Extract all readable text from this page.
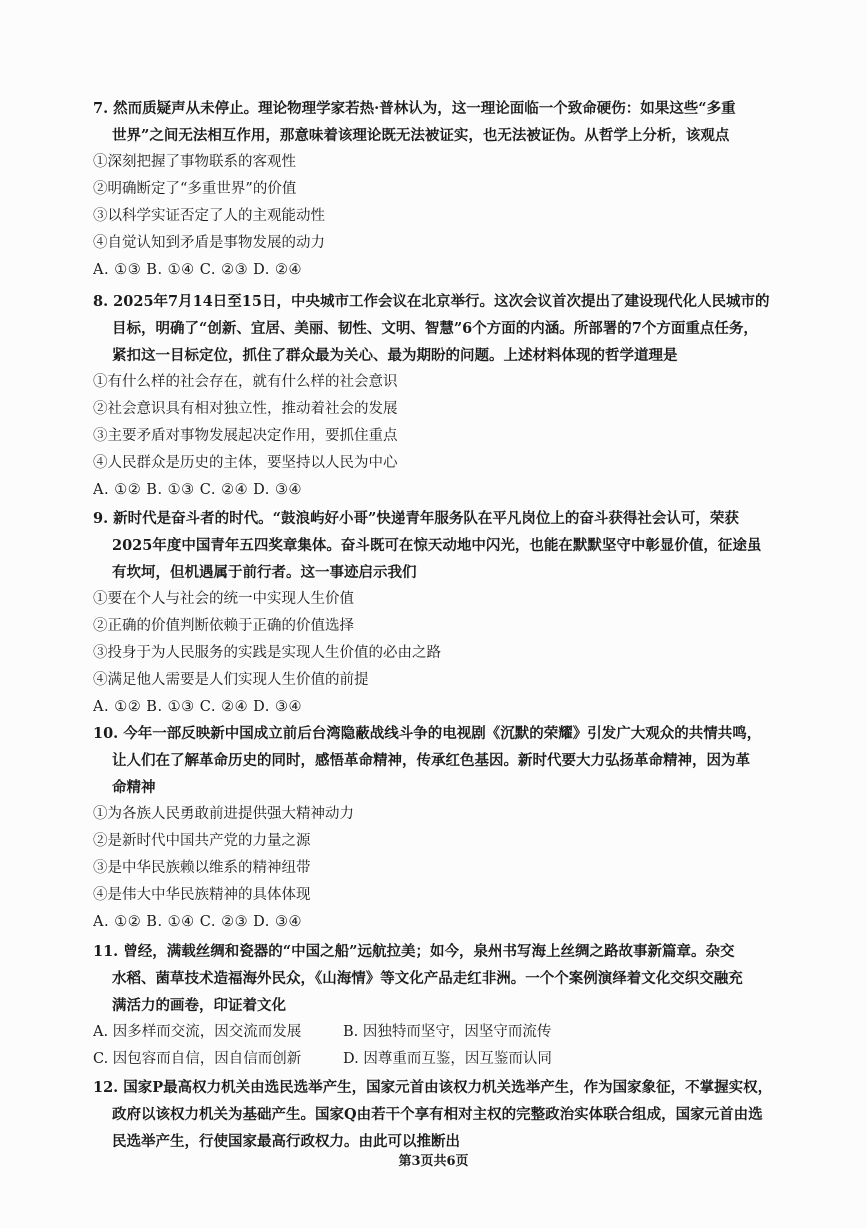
7. 然而质疑声从未停止。理论物理学家若热·普林认为，这一理论面临一个致命硬伤：如果这些“多重
世界”之间无法相互作用，那意味着该理论既无法被证实，也无法被证伪。从哲学上分析，该观点
①深刻把握了事物联系的客观性
②明确断定了“多重世界”的价值
③以科学实证否定了人的主观能动性
④自觉认知到矛盾是事物发展的动力
A. ①③ B. ①④ C. ②③ D. ②④
8. 2025年7月14日至15日，中央城市工作会议在北京举行。这次会议首次提出了建设现代化人民城市的
目标，明确了“创新、宜居、美丽、韧性、文明、智慧”6个方面的内涵。所部署的7个方面重点任务，
紧扣这一目标定位，抓住了群众最为关心、最为期盼的问题。上述材料体现的哲学道理是
①有什么样的社会存在，就有什么样的社会意识
②社会意识具有相对独立性，推动着社会的发展
③主要矛盾对事物发展起决定作用，要抓住重点
④人民群众是历史的主体，要坚持以人民为中心
A. ①② B. ①③ C. ②④ D. ③④
9. 新时代是奋斗者的时代。“鼓浪屿好小哥”快递青年服务队在平凡岗位上的奋斗获得社会认可，荣获
2025年度中国青年五四奖章集体。奋斗既可在惊天动地中闪光，也能在默默坚守中彰显价值，征途虽
有坎坷，但机遇属于前行者。这一事迹启示我们
①要在个人与社会的统一中实现人生价值
②正确的价值判断依赖于正确的价值选择
③投身于为人民服务的实践是实现人生价值的必由之路
④满足他人需要是人们实现人生价值的前提
A. ①② B. ①③ C. ②④ D. ③④
10. 今年一部反映新中国成立前后台湾隐蔽战线斗争的电视剧《沉默的荣耀》引发广大观众的共情共鸣，
让人们在了解革命历史的同时，感悟革命精神，传承红色基因。新时代要大力弘扬革命精神，因为革
命精神
①为各族人民勇敢前进提供强大精神动力
②是新时代中国共产党的力量之源
③是中华民族赖以维系的精神纽带
④是伟大中华民族精神的具体体现
A. ①② B. ①④ C. ②③ D. ③④
11. 曾经，满载丝绸和瓷器的“中国之船”远航拉美；如今，泉州书写海上丝绸之路故事新篇章。杂交
水稻、菌草技术造福海外民众，《山海情》等文化产品走红非洲。一个个案例演绎着文化交织交融充
满活力的画卷，印证着文化
A. 因多样而交流，因交流而发展	B. 因独特而坚守，因坚守而流传
C. 因包容而自信，因自信而创新	D. 因尊重而互鉴，因互鉴而认同
12. 国家P最高权力机关由选民选举产生，国家元首由该权力机关选举产生，作为国家象征，不掌握实权，
政府以该权力机关为基础产生。国家Q由若干个享有相对主权的完整政治实体联合组成，国家元首由选
民选举产生，行使国家最高行政权力。由此可以推断出
第3页共6页
